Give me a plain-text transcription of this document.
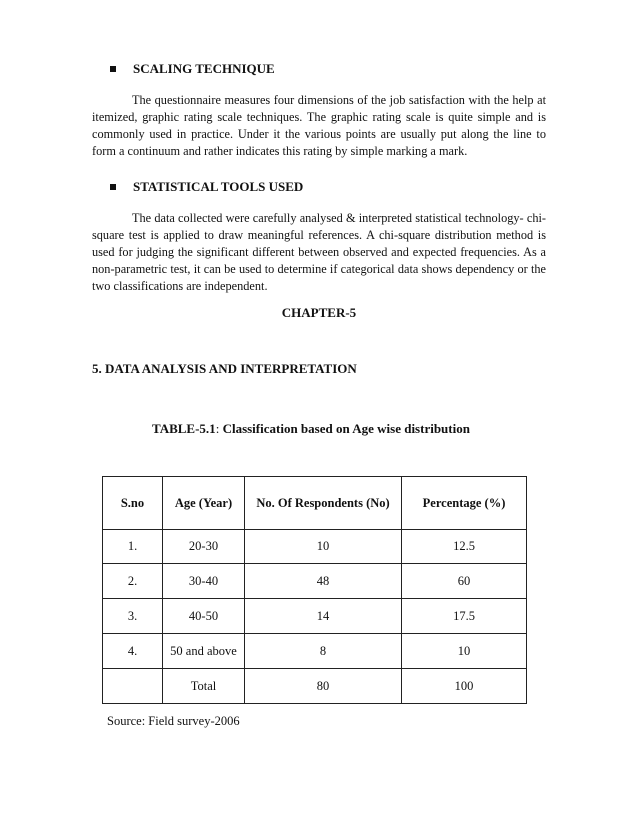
SCALING TECHNIQUE
The questionnaire measures four dimensions of the job satisfaction with the help at itemized, graphic rating scale techniques. The graphic rating scale is quite simple and is commonly used in practice. Under it the various points are usually put along the line to form a continuum and rather indicates this rating by simple marking a mark.
STATISTICAL TOOLS USED
The data collected were carefully analysed & interpreted statistical technology- chi-square test is applied to draw meaningful references. A chi-square distribution method is used for judging the significant different between observed and expected frequencies. As a non-parametric test, it can be used to determine if categorical data shows dependency or the two classifications are independent.
CHAPTER-5
5. DATA ANALYSIS AND INTERPRETATION
TABLE-5.1: Classification based on Age wise distribution
S.no	Age (Year)	No. Of Respondents (No)	Percentage (%)
1.	20-30	10	12.5
2.	30-40	48	60
3.	40-50	14	17.5
4.	50 and above	8	10
	Total	80	100
Source: Field survey-2006
